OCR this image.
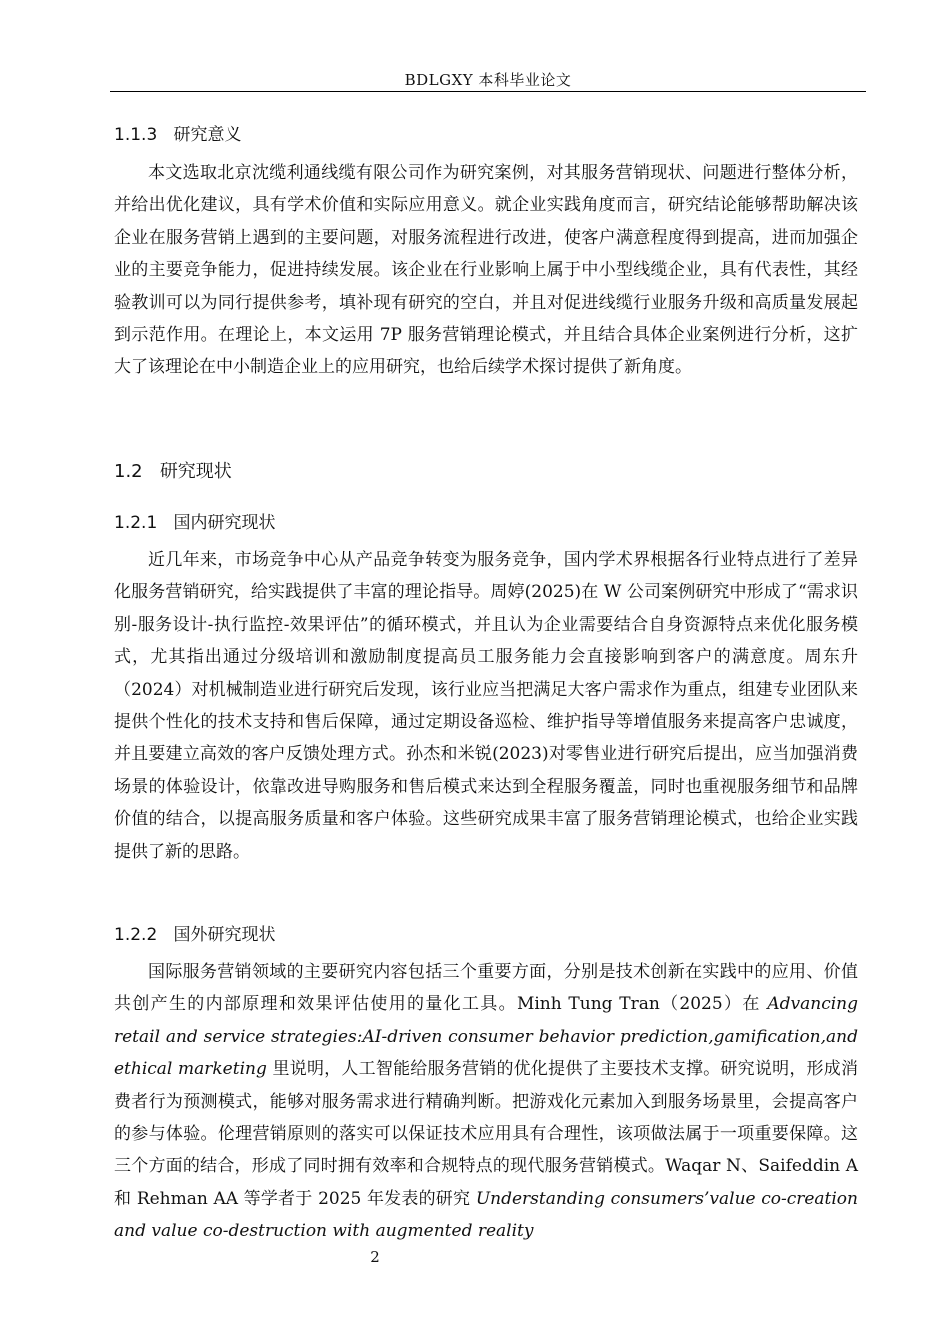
BDLGXY 本科毕业论文
1.1.3 研究意义

本文选取北京沈缆利通线缆有限公司作为研究案例，对其服务营销现状、问题进行整体分析，并给出优化建议，具有学术价值和实际应用意义。就企业实践角度而言，研究结论能够帮助解决该企业在服务营销上遇到的主要问题，对服务流程进行改进，使客户满意程度得到提高，进而加强企业的主要竞争能力，促进持续发展。该企业在行业影响上属于中小型线缆企业，具有代表性，其经验教训可以为同行提供参考，填补现有研究的空白，并且对促进线缆行业服务升级和高质量发展起到示范作用。在理论上，本文运用 7P 服务营销理论模式，并且结合具体企业案例进行分析，这扩大了该理论在中小制造企业上的应用研究，也给后续学术探讨提供了新角度。

1.2 研究现状
1.2.1 国内研究现状

近几年来，市场竞争中心从产品竞争转变为服务竞争，国内学术界根据各行业特点进行了差异化服务营销研究，给实践提供了丰富的理论指导。周婷(2025)在 W 公司案例研究中形成了“需求识别-服务设计-执行监控-效果评估”的循环模式，并且认为企业需要结合自身资源特点来优化服务模式，尤其指出通过分级培训和激励制度提高员工服务能力会直接影响到客户的满意度。周东升（2024）对机械制造业进行研究后发现，该行业应当把满足大客户需求作为重点，组建专业团队来提供个性化的技术支持和售后保障，通过定期设备巡检、维护指导等增值服务来提高客户忠诚度，并且要建立高效的客户反馈处理方式。孙杰和米锐(2023)对零售业进行研究后提出，应当加强消费场景的体验设计，依靠改进导购服务和售后模式来达到全程服务覆盖，同时也重视服务细节和品牌价值的结合，以提高服务质量和客户体验。这些研究成果丰富了服务营销理论模式，也给企业实践提供了新的思路。

1.2.2 国外研究现状

国际服务营销领域的主要研究内容包括三个重要方面，分别是技术创新在实践中的应用、价值共创产生的内部原理和效果评估使用的量化工具。Minh Tung Tran（2025）在 Advancing retail and service strategies:AI-driven consumer behavior prediction,gamification,and ethical marketing 里说明，人工智能给服务营销的优化提供了主要技术支撑。研究说明，形成消费者行为预测模式，能够对服务需求进行精确判断。把游戏化元素加入到服务场景里，会提高客户的参与体验。伦理营销原则的落实可以保证技术应用具有合理性，该项做法属于一项重要保障。这三个方面的结合，形成了同时拥有效率和合规特点的现代服务营销模式。Waqar N、Saifeddin A 和 Rehman AA 等学者于 2025 年发表的研究 Understanding consumers’value co-creation and value co-destruction with augmented reality

2
